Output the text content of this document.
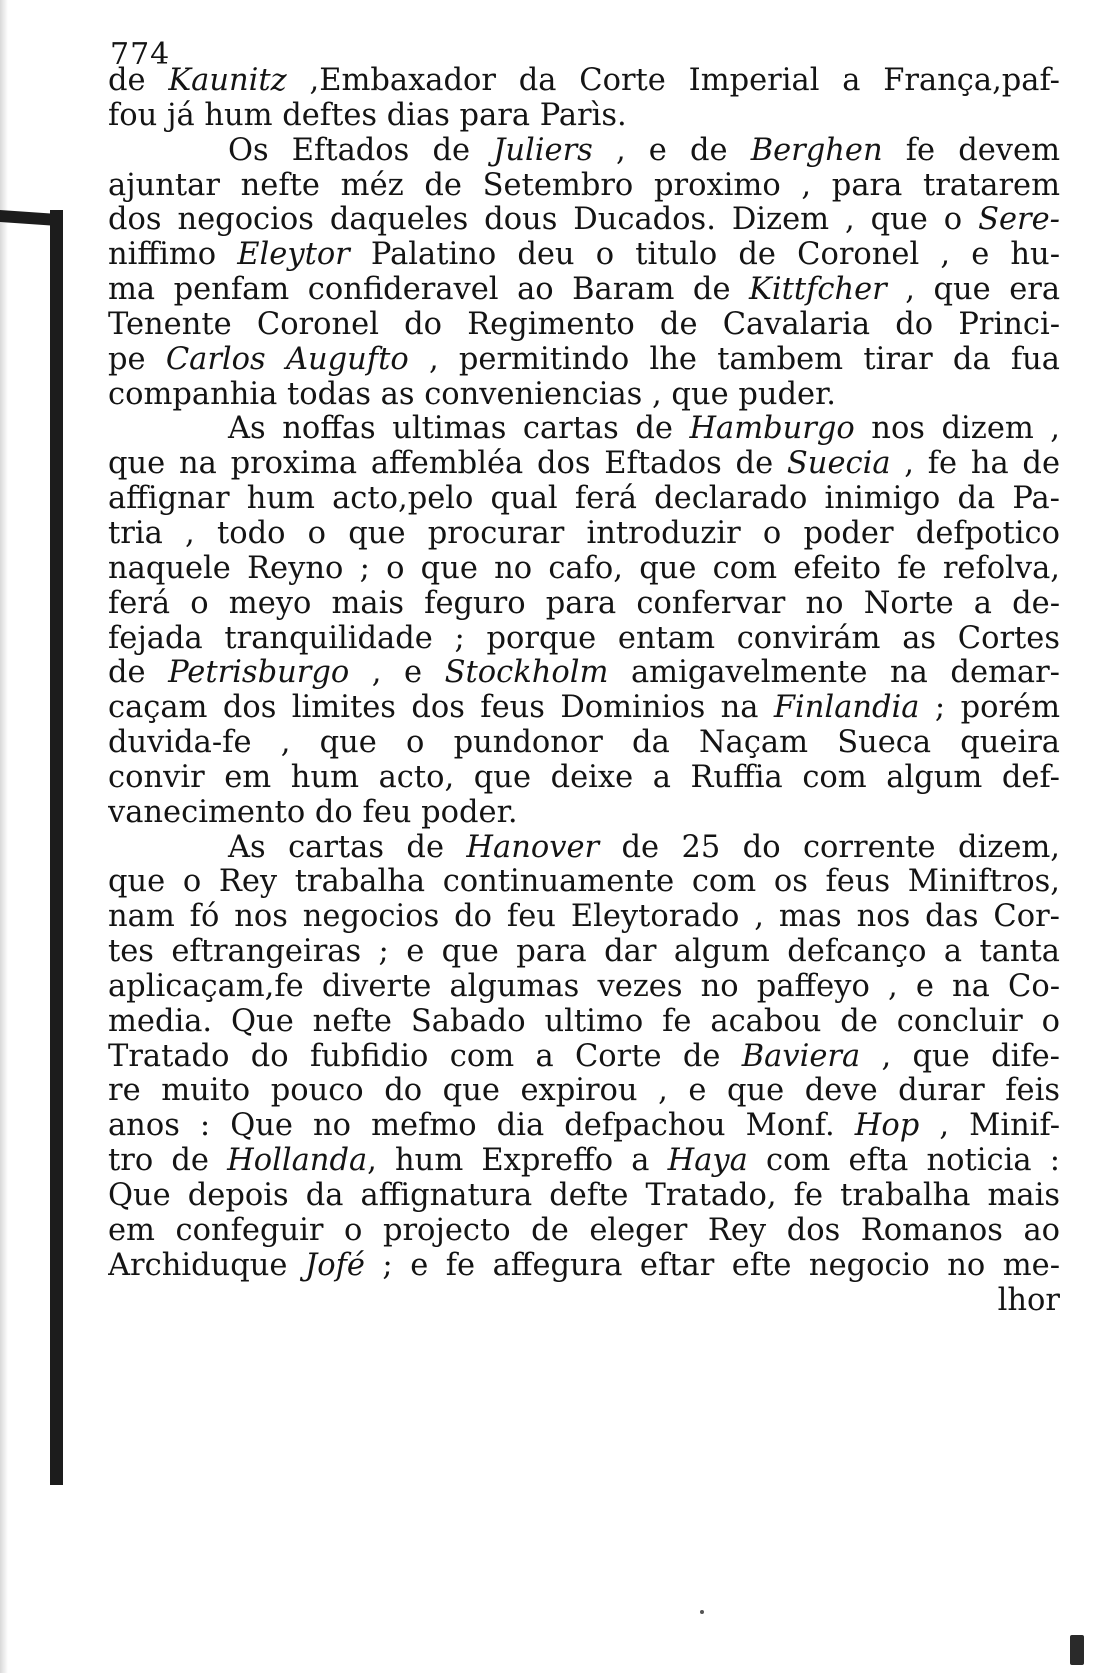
774
de Kaunitz ,Embaxador da Corte Imperial a França,paf-
fou já hum deftes dias para Parìs.
Os Eftados de Juliers , e de Berghen fe devem
ajuntar nefte méz de Setembro proximo , para tratarem
dos negocios daqueles dous Ducados. Dizem , que o Sere-
niffimo Eleytor Palatino deu o titulo de Coronel , e hu-
ma penfam confideravel ao Baram de Kittfcher , que era
Tenente Coronel do Regimento de Cavalaria do Princi-
pe Carlos Augufto , permitindo lhe tambem tirar da fua
companhia todas as conveniencias , que puder.
As noffas ultimas cartas de Hamburgo nos dizem ,
que na proxima affembléa dos Eftados de Suecia , fe ha de
affignar hum acto,pelo qual ferá declarado inimigo da Pa-
tria , todo o que procurar introduzir o poder defpotico
naquele Reyno ; o que no cafo, que com efeito fe refolva,
ferá o meyo mais feguro para confervar no Norte a de-
fejada tranquilidade ; porque entam convirám as Cortes
de Petrisburgo , e Stockholm amigavelmente na demar-
caçam dos limites dos feus Dominios na Finlandia ; porém
duvida-fe , que o pundonor da Naçam Sueca queira
convir em hum acto, que deixe a Ruffia com algum def-
vanecimento do feu poder.
As cartas de Hanover de 25 do corrente dizem,
que o Rey trabalha continuamente com os feus Miniftros,
nam fó nos negocios do feu Eleytorado , mas nos das Cor-
tes eftrangeiras ; e que para dar algum defcanço a tanta
aplicaçam,fe diverte algumas vezes no paffeyo , e na Co-
media. Que nefte Sabado ultimo fe acabou de concluir o
Tratado do fubfidio com a Corte de Baviera , que dife-
re muito pouco do que expirou , e que deve durar feis
anos : Que no mefmo dia defpachou Monf. Hop , Minif-
tro de Hollanda, hum Expreffo a Haya com efta noticia :
Que depois da affignatura defte Tratado, fe trabalha mais
em confeguir o projecto de eleger Rey dos Romanos ao
Archiduque Jofé ; e fe affegura eftar efte negocio no me-
lhor
